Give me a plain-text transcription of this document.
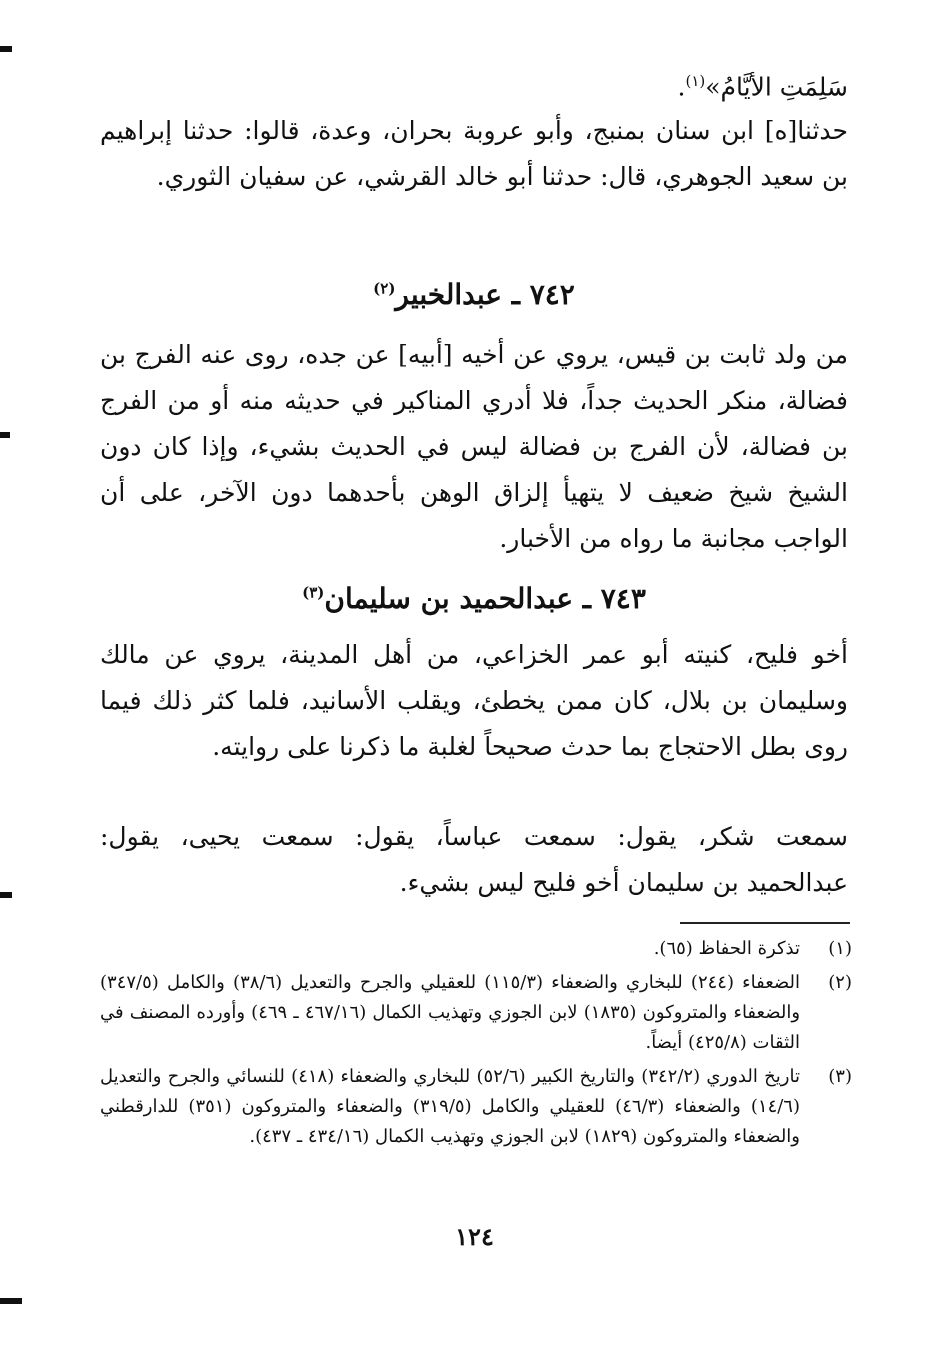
سَلِمَتِ الأيَّامُ»$^{(١)}$.

حدثنا[ه] ابن سنان بمنبج، وأبو عروبة بحران، وعدة، قالوا: حدثنا إبراهيم بن سعيد الجوهري، قال: حدثنا أبو خالد القرشي، عن سفيان الثوري.

٧٤٢ ـ عبدالخبير$^{(٢)}$

من ولد ثابت بن قيس، يروي عن أخيه [أبيه] عن جده، روى عنه الفرج بن فضالة، منكر الحديث جداً، فلا أدري المناكير في حديثه منه أو من الفرج بن فضالة، لأن الفرج بن فضالة ليس في الحديث بشيء، وإذا كان دون الشيخ شيخ ضعيف لا يتهيأ إلزاق الوهن بأحدهما دون الآخر، على أن الواجب مجانبة ما رواه من الأخبار.

٧٤٣ ـ عبدالحميد بن سليمان$^{(٣)}$

أخو فليح، كنيته أبو عمر الخزاعي، من أهل المدينة، يروي عن مالك وسليمان بن بلال، كان ممن يخطئ، ويقلب الأسانيد، فلما كثر ذلك فيما روى بطل الاحتجاج بما حدث صحيحاً لغلبة ما ذكرنا على روايته.

سمعت شكر، يقول: سمعت عباساً، يقول: سمعت يحيى، يقول: عبدالحميد بن سليمان أخو فليح ليس بشيء.

(١)
تذكرة الحفاظ (٦٥).
(٢)
الضعفاء (٢٤٤) للبخاري والضعفاء (١١٥/٣) للعقيلي والجرح والتعديل (٣٨/٦) والكامل (٣٤٧/٥) والضعفاء والمتروكون (١٨٣٥) لابن الجوزي وتهذيب الكمال (٤٦٧/١٦ ـ ٤٦٩) وأورده المصنف في الثقات (٤٢٥/٨) أيضاً.
(٣)
تاريخ الدوري (٣٤٢/٢) والتاريخ الكبير (٥٢/٦) للبخاري والضعفاء (٤١٨) للنسائي والجرح والتعديل (١٤/٦) والضعفاء (٤٦/٣) للعقيلي والكامل (٣١٩/٥) والضعفاء والمتروكون (٣٥١) للدارقطني والضعفاء والمتروكون (١٨٢٩) لابن الجوزي وتهذيب الكمال (٤٣٤/١٦ ـ ٤٣٧).
١٢٤
